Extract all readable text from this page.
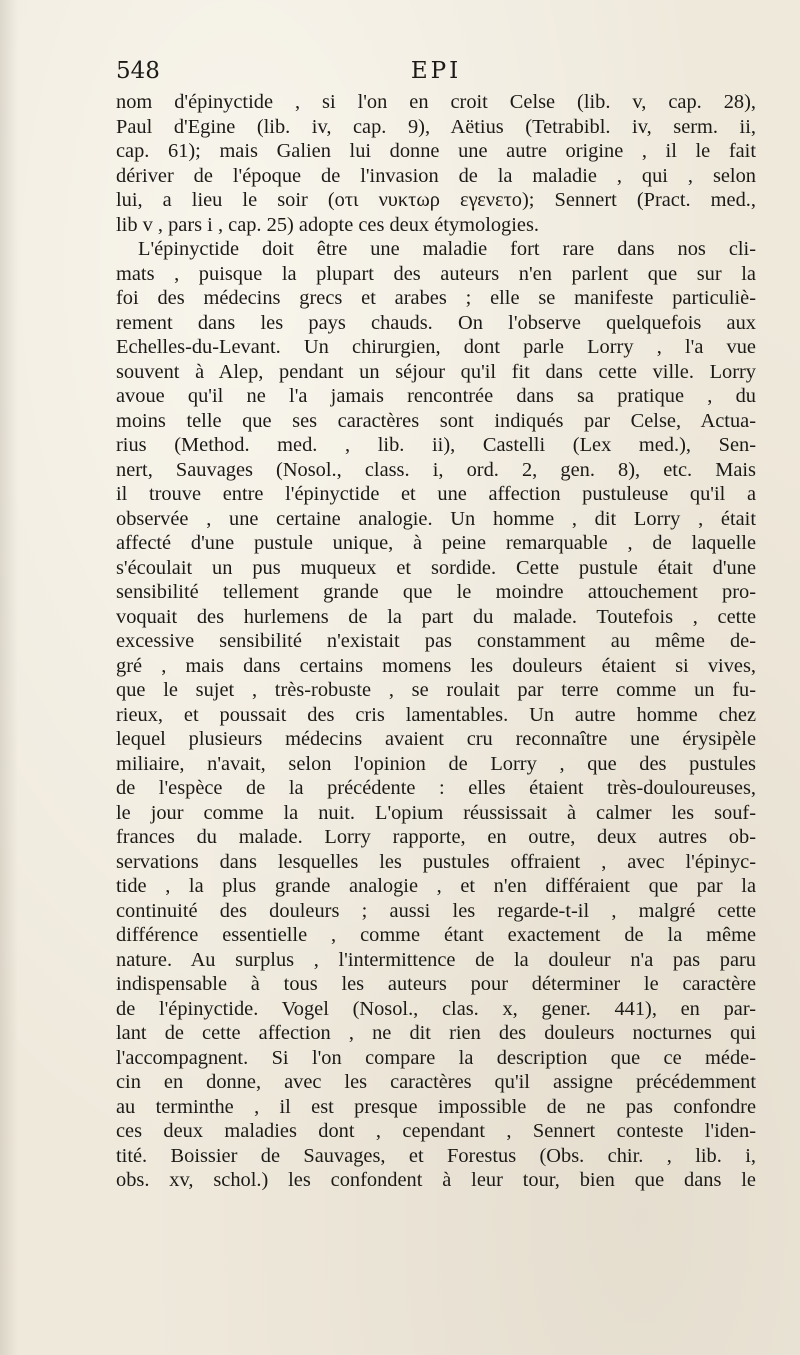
548	EPI

nom d'épinyctide , si l'on en croit Celse (lib. v, cap. 28),

Paul d'Egine (lib. iv, cap. 9), Aëtius (Tetrabibl. iv, serm. ii,

cap. 61); mais Galien lui donne une autre origine , il le fait

dériver de l'époque de l'invasion de la maladie , qui , selon

lui, a lieu le soir (οτι νυκτωρ εγενετο); Sennert (Pract. med.,

lib v , pars i , cap. 25) adopte ces deux étymologies.

L'épinyctide doit être une maladie fort rare dans nos cli-

mats , puisque la plupart des auteurs n'en parlent que sur la

foi des médecins grecs et arabes ; elle se manifeste particuliè-

rement dans les pays chauds. On l'observe quelquefois aux

Echelles-du-Levant. Un chirurgien, dont parle Lorry , l'a vue

souvent à Alep, pendant un séjour qu'il fit dans cette ville. Lorry

avoue qu'il ne l'a jamais rencontrée dans sa pratique , du

moins telle que ses caractères sont indiqués par Celse, Actua-

rius (Method. med. , lib. ii), Castelli (Lex med.), Sen-

nert, Sauvages (Nosol., class. i, ord. 2, gen. 8), etc. Mais

il trouve entre l'épinyctide et une affection pustuleuse qu'il a

observée , une certaine analogie. Un homme , dit Lorry , était

affecté d'une pustule unique, à peine remarquable , de laquelle

s'écoulait un pus muqueux et sordide. Cette pustule était d'une

sensibilité tellement grande que le moindre attouchement pro-

voquait des hurlemens de la part du malade. Toutefois , cette

excessive sensibilité n'existait pas constamment au même de-

gré , mais dans certains momens les douleurs étaient si vives,

que le sujet , très-robuste , se roulait par terre comme un fu-

rieux, et poussait des cris lamentables. Un autre homme chez

lequel plusieurs médecins avaient cru reconnaître une érysipèle

miliaire, n'avait, selon l'opinion de Lorry , que des pustules

de l'espèce de la précédente : elles étaient très-douloureuses,

le jour comme la nuit. L'opium réussissait à calmer les souf-

frances du malade. Lorry rapporte, en outre, deux autres ob-

servations dans lesquelles les pustules offraient , avec l'épinyc-

tide , la plus grande analogie , et n'en différaient que par la

continuité des douleurs ; aussi les regarde-t-il , malgré cette

différence essentielle , comme étant exactement de la même

nature. Au surplus , l'intermittence de la douleur n'a pas paru

indispensable à tous les auteurs pour déterminer le caractère

de l'épinyctide. Vogel (Nosol., clas. x, gener. 441), en par-

lant de cette affection , ne dit rien des douleurs nocturnes qui

l'accompagnent. Si l'on compare la description que ce méde-

cin en donne, avec les caractères qu'il assigne précédemment

au terminthe , il est presque impossible de ne pas confondre

ces deux maladies dont , cependant , Sennert conteste l'iden-

tité. Boissier de Sauvages, et Forestus (Obs. chir. , lib. i,

obs. xv, schol.) les confondent à leur tour, bien que dans le
